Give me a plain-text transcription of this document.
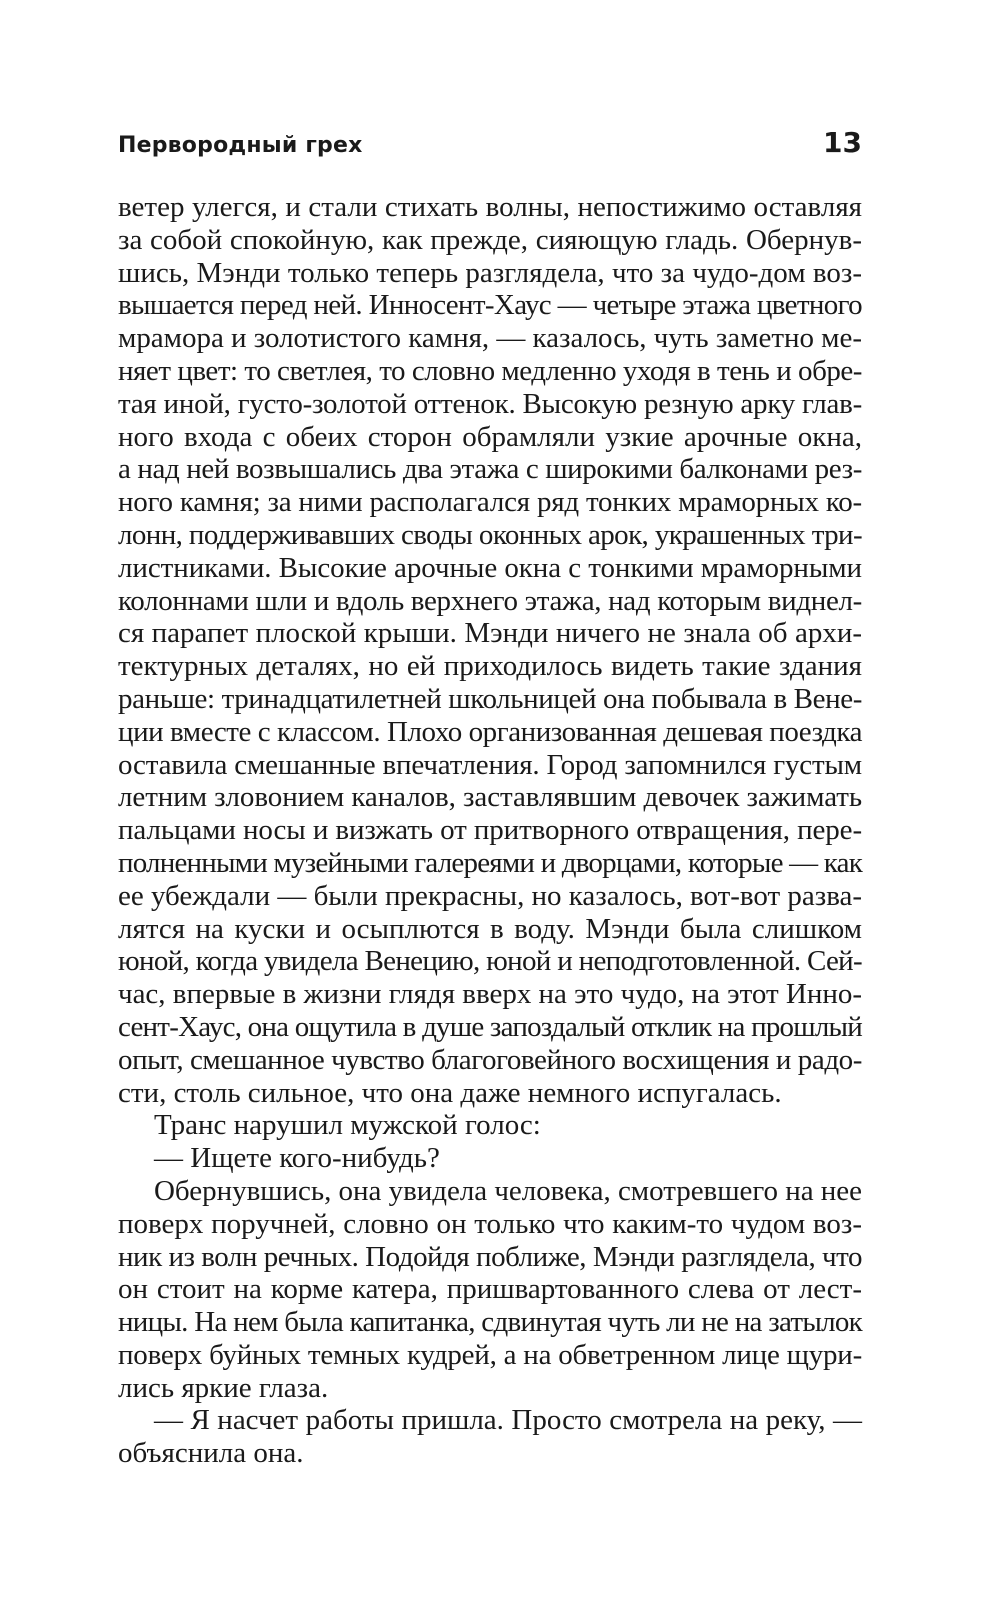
Первородный грех	13
ветер улегся, и стали стихать волны, непостижимо оставляя
за собой спокойную, как прежде, сияющую гладь. Обернув-
шись, Мэнди только теперь разглядела, что за чудо-дом воз-
вышается перед ней. Инносент-Хаус — четыре этажа цветного
мрамора и золотистого камня, — казалось, чуть заметно ме-
няет цвет: то светлея, то словно медленно уходя в тень и обре-
тая иной, густо-золотой оттенок. Высокую резную арку глав-
ного входа с обеих сторон обрамляли узкие арочные окна,
а над ней возвышались два этажа с широкими балконами рез-
ного камня; за ними располагался ряд тонких мраморных ко-
лонн, поддерживавших своды оконных арок, украшенных три-
листниками. Высокие арочные окна с тонкими мраморными
колоннами шли и вдоль верхнего этажа, над которым виднел-
ся парапет плоской крыши. Мэнди ничего не знала об архи-
тектурных деталях, но ей приходилось видеть такие здания
раньше: тринадцатилетней школьницей она побывала в Вене-
ции вместе с классом. Плохо организованная дешевая поездка
оставила смешанные впечатления. Город запомнился густым
летним зловонием каналов, заставлявшим девочек зажимать
пальцами носы и визжать от притворного отвращения, пере-
полненными музейными галереями и дворцами, которые — как
ее убеждали — были прекрасны, но казалось, вот-вот разва-
лятся на куски и осыплются в воду. Мэнди была слишком
юной, когда увидела Венецию, юной и неподготовленной. Сей-
час, впервые в жизни глядя вверх на это чудо, на этот Инно-
сент-Хаус, она ощутила в душе запоздалый отклик на прошлый
опыт, смешанное чувство благоговейного восхищения и радо-
сти, столь сильное, что она даже немного испугалась.
Транс нарушил мужской голос:
— Ищете кого-нибудь?
Обернувшись, она увидела человека, смотревшего на нее
поверх поручней, словно он только что каким-то чудом воз-
ник из волн речных. Подойдя поближе, Мэнди разглядела, что
он стоит на корме катера, пришвартованного слева от лест-
ницы. На нем была капитанка, сдвинутая чуть ли не на затылок
поверх буйных темных кудрей, а на обветренном лице щури-
лись яркие глаза.
— Я насчет работы пришла. Просто смотрела на реку, —
объяснила она.
